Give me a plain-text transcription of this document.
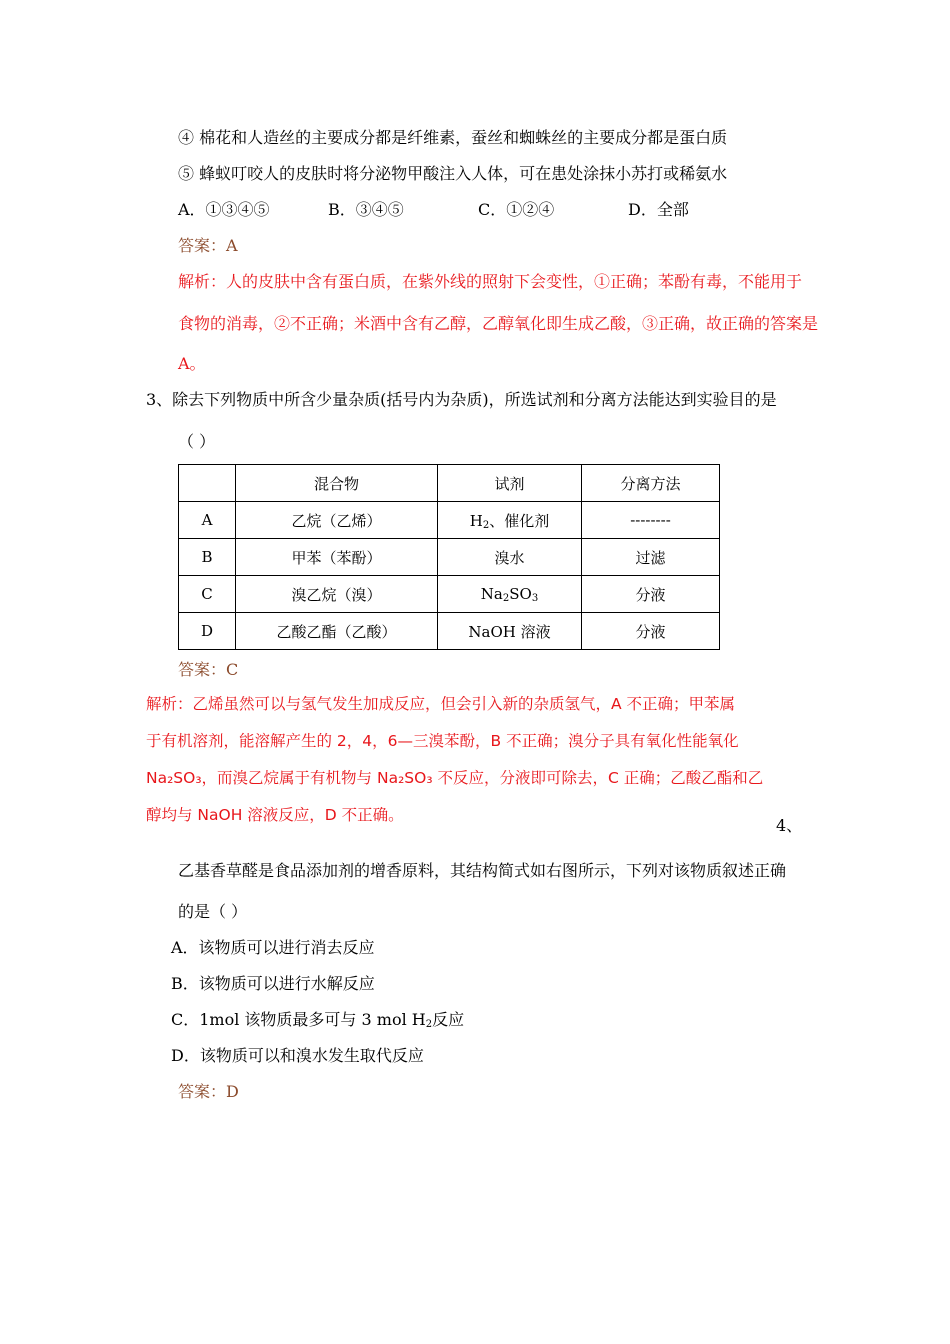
④ 棉花和人造丝的主要成分都是纤维素，蚕丝和蜘蛛丝的主要成分都是蛋白质
⑤ 蜂蚁叮咬人的皮肤时将分泌物甲酸注入人体，可在患处涂抹小苏打或稀氨水
A．①③④⑤	B．③④⑤	C．①②④	D．全部
答案：A
解析：人的皮肤中含有蛋白质，在紫外线的照射下会变性，①正确；苯酚有毒，不能用于
食物的消毒，②不正确；米酒中含有乙醇，乙醇氧化即生成乙酸，③正确，故正确的答案是
A。
3、除去下列物质中所含少量杂质(括号内为杂质)，所选试剂和分离方法能达到实验目的是
（ ）
	混合物	试剂	分离方法
A	乙烷（乙烯）	$H_2$、催化剂	--------
B	甲苯（苯酚）	溴水	过滤
C	溴乙烷（溴）	$Na_2SO_3$	分液
D	乙酸乙酯（乙酸）	NaOH 溶液	分液
答案：C
解析：乙烯虽然可以与氢气发生加成反应，但会引入新的杂质氢气，A 不正确；甲苯属
于有机溶剂，能溶解产生的 2，4，6—三溴苯酚，B 不正确；溴分子具有氧化性能氧化
Na₂SO₃，而溴乙烷属于有机物与 Na₂SO₃ 不反应，分液即可除去，C 正确；乙酸乙酯和乙
醇均与 NaOH 溶液反应，D 不正确。
4、
乙基香草醛是食品添加剂的增香原料，其结构简式如右图所示，下列对该物质叙述正确
的是（ ）
A．该物质可以进行消去反应
B．该物质可以进行水解反应
C．1mol 该物质最多可与 3 mol $H_2$反应
D．该物质可以和溴水发生取代反应
答案：D
